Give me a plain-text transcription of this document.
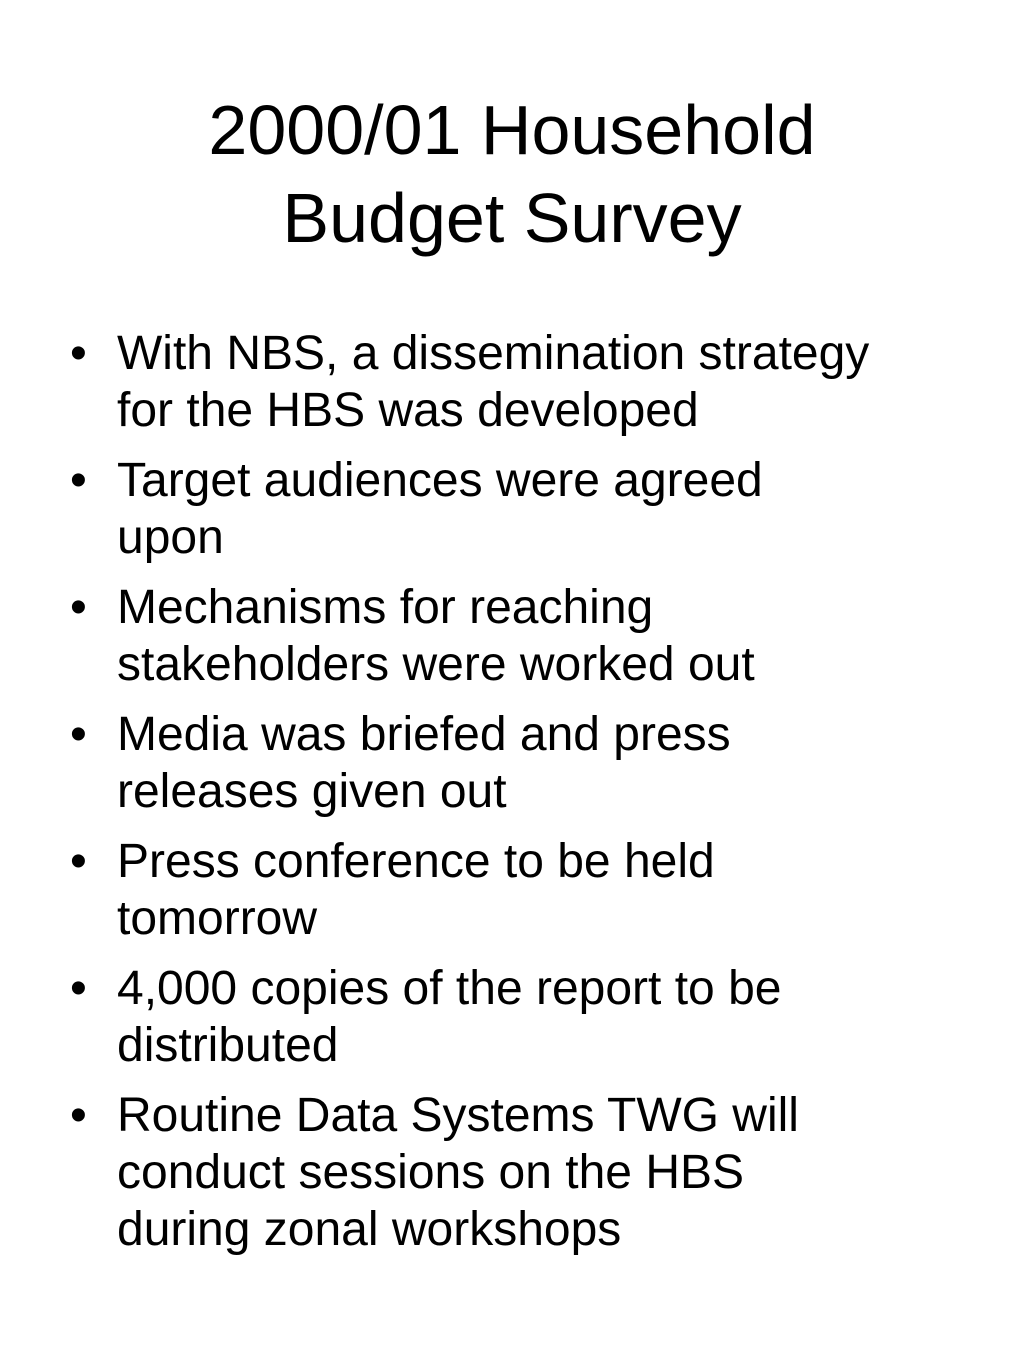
2000/01 Household
Budget Survey
• With NBS, a dissemination strategy
for the HBS was developed
• Target audiences were agreed
upon
• Mechanisms for reaching
stakeholders were worked out
• Media was briefed and press
releases given out
• Press conference to be held
tomorrow
• 4,000 copies of the report to be
distributed
• Routine Data Systems TWG will
conduct sessions on the HBS
during zonal workshops
